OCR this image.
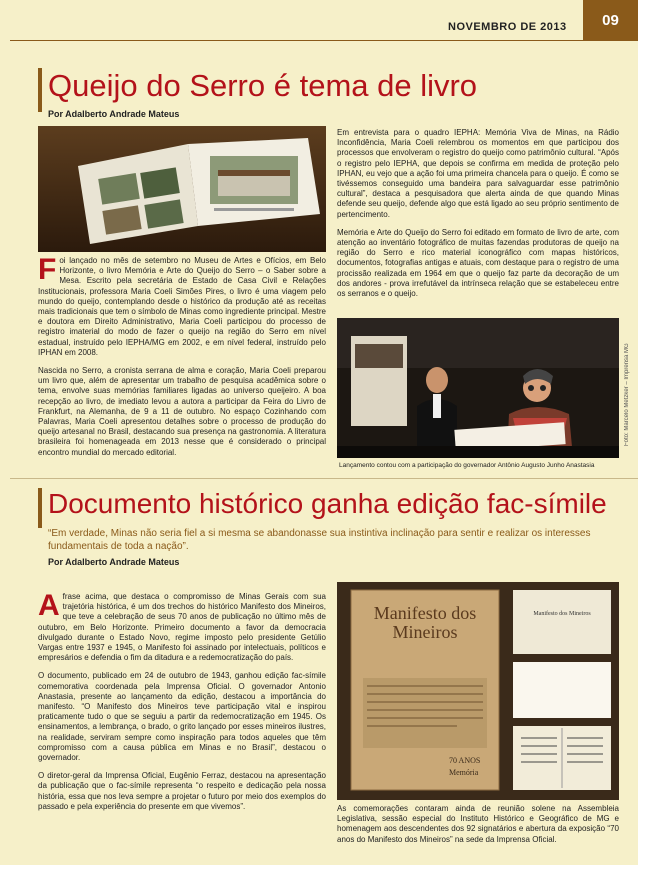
NOVEMBRO DE 2013	09
Queijo do Serro é tema de livro
Por Adalberto Andrade Mateus

Foi lançado no mês de setembro no Museu de Artes e Ofícios, em Belo Horizonte, o livro Memória e Arte do Queijo do Serro – o Saber sobre a Mesa. Escrito pela secretária de Estado de Casa Civil e Relações Institucionais, professora Maria Coeli Simões Pires, o livro é uma viagem pelo mundo do queijo, contemplando desde o histórico da produção até as receitas mais tradicionais que tem o símbolo de Minas como ingrediente principal. Mestre e doutora em Direito Administrativo, Maria Coeli participou do processo de registro imaterial do modo de fazer o queijo na região do Serro em nível estadual, instruído pelo IEPHA/MG em 2002, e em nível federal, instruído pelo IPHAN em 2008.

Nascida no Serro, a cronista serrana de alma e coração, Maria Coeli preparou um livro que, além de apresentar um trabalho de pesquisa acadêmica sobre o tema, envolve suas memórias familiares ligadas ao universo queijeiro. A boa recepção ao livro, de imediato levou a autora a participar da Feira do Livro de Frankfurt, na Alemanha, de 9 a 11 de outubro. No espaço Cozinhando com Palavras, Maria Coeli apresentou detalhes sobre o processo de produção do queijo artesanal no Brasil, destacando sua presença na gastronomia. A literatura brasileira foi homenageada em 2013 nesse que é considerado o principal encontro mundial do mercado editorial.

Em entrevista para o quadro IEPHA: Memória Viva de Minas, na Rádio Inconfidência, Maria Coeli relembrou os momentos em que participou dos processos que envolveram o registro do queijo como patrimônio cultural. “Após o registro pelo IEPHA, que depois se confirma em medida de proteção pelo IPHAN, eu vejo que a ação foi uma primeira chancela para o queijo. É como se tivéssemos conseguido uma bandeira para salvaguardar esse patrimônio cultural”, destaca a pesquisadora que alerta ainda de que quando Minas defende seu queijo, defende algo que está ligado ao seu próprio sentimento de pertencimento.

Memória e Arte do Queijo do Serro foi editado em formato de livro de arte, com atenção ao inventário fotográfico de muitas fazendas produtoras de queijo na região do Serro e rico material iconográfico com mapas históricos, documentos, fotografias antigas e atuais, com destaque para o registro de uma procissão realizada em 1964 em que o queijo faz parte da decoração de um dos andores - prova irrefutável da intrínseca relação que se estabeleceu entre os serranos e o queijo.

Foto: Marcelo Metzker – Imprensa MG
Lançamento contou com a participação do governador Antônio Augusto Junho Anastasia
Documento histórico ganha edição fac-símile
“Em verdade, Minas não seria fiel a si mesma se abandonasse sua instintiva inclinação para sentir e realizar os interesses fundamentais de toda a nação”.
Por Adalberto Andrade Mateus

Afrase acima, que destaca o compromisso de Minas Gerais com sua trajetória histórica, é um dos trechos do histórico Manifesto dos Mineiros, que teve a celebração de seus 70 anos de publicação no último mês de outubro, em Belo Horizonte. Primeiro documento a favor da democracia divulgado durante o Estado Novo, regime imposto pelo presidente Getúlio Vargas entre 1937 e 1945, o Manifesto foi assinado por intelectuais, políticos e empresários e defendia o fim da ditadura e a redemocratização do país.

O documento, publicado em 24 de outubro de 1943, ganhou edição fac-símile comemorativa coordenada pela Imprensa Oficial. O governador Antonio Anastasia, presente ao lançamento da edição, destacou a importância do manifesto. “O Manifesto dos Mineiros teve participação vital e inspirou praticamente tudo o que se seguiu a partir da redemocratização em 1945. Os ensinamentos, a lembrança, o brado, o grito lançado por esses mineiros ilustres, na realidade, serviram sempre como inspiração para todos aqueles que têm compromisso com a causa pública em Minas e no Brasil”, destacou o governador.

O diretor-geral da Imprensa Oficial, Eugênio Ferraz, destacou na apresentação da publicação que o fac-símile representa “o respeito e dedicação pela nossa história, essa que nos leva sempre a projetar o futuro por meio dos exemplos do passado e pela experiência do presente em que vivemos”.

Manifesto dos Mineiros
70 ANOS
Memória
Manifesto dos Mineiros

As comemorações contaram ainda de reunião solene na Assembleia Legislativa, sessão especial do Instituto Histórico e Geográfico de MG e homenagem aos descendentes dos 92 signatários e abertura da exposição “70 anos do Manifesto dos Mineiros” na sede da Imprensa Oficial.
